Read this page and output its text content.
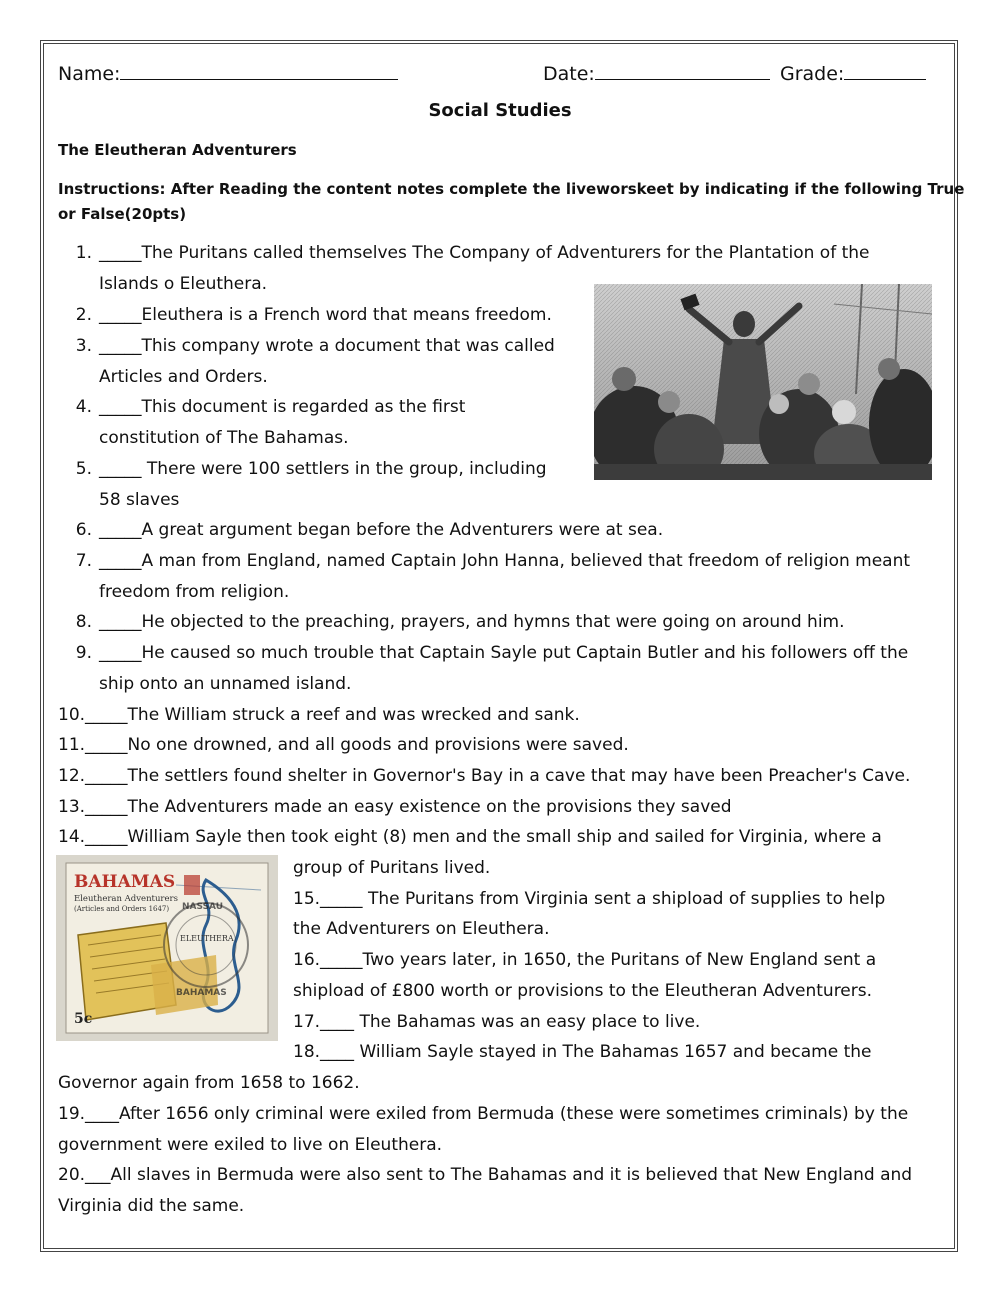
Name:	Date:	Grade:
Social Studies
The Eleutheran Adventurers
Instructions: After Reading the content notes complete the liveworskeet by indicating if the following True
or False(20pts)
1. _____The Puritans called themselves The Company of Adventurers for the Plantation of the
Islands o Eleuthera.
2. _____Eleuthera is a French word that means freedom.
3. _____This company wrote a document that was called
Articles and Orders.
4. _____This document is regarded as the first
constitution of The Bahamas.
5. _____ There were 100 settlers in the group, including
58 slaves
6. _____A great argument began before the Adventurers were at sea.
7. _____A man from England, named Captain John Hanna, believed that freedom of religion meant
freedom from religion.
8. _____He objected to the preaching, prayers, and hymns that were going on around him.
9. _____He caused so much trouble that Captain Sayle put Captain Butler and his followers off the
ship onto an unnamed island.
10._____The William struck a reef and was wrecked and sank.
11._____No one drowned, and all goods and provisions were saved.
12._____The settlers found shelter in Governor's Bay in a cave that may have been Preacher's Cave.
13._____The Adventurers made an easy existence on the provisions they saved
14._____William Sayle then took eight (8) men and the small ship and sailed for Virginia, where a
group of Puritans lived.
15._____ The Puritans from Virginia sent a shipload of supplies to help
the Adventurers on Eleuthera.
16._____Two years later, in 1650, the Puritans of New England sent a
shipload of £800 worth or provisions to the Eleutheran Adventurers.
17.____ The Bahamas was an easy place to live.
18.____ William Sayle stayed in The Bahamas 1657 and became the
Governor again from 1658 to 1662.
19.____After 1656 only criminal were exiled from Bermuda (these were sometimes criminals) by the
government were exiled to live on Eleuthera.
20.___All slaves in Bermuda were also sent to The Bahamas and it is believed that New England and
Virginia did the same.
BAHAMAS
Eleutheran Adventurers
(Articles and Orders 1647)
ELEUTHERA
NASSAU
BAHAMAS
5c
